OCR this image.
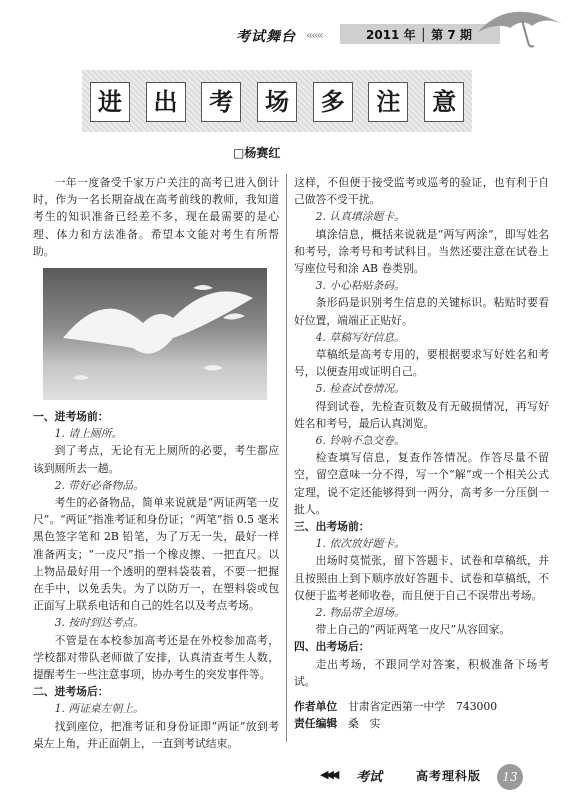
考试舞台 «««	2011 年 │ 第 7 期
进	出	考	场	多	注	意
□杨赛红

一年一度备受千家万户关注的高考已进入倒计时，作为一名长期奋战在高考前线的教师，我知道考生的知识准备已经差不多，现在最需要的是心理、体力和方法准备。希望本文能对考生有所帮助。

一、进考场前：

1. 请上厕所。

到了考点，无论有无上厕所的必要，考生都应该到厕所去一趟。

2. 带好必备物品。

考生的必备物品，简单来说就是“两证两笔一皮尺”。“两证”指准考证和身份证；“两笔”指 0.5 毫米黑色签字笔和 2B 铅笔，为了万无一失，最好一样准备两支；“一皮尺”指一个橡皮擦、一把直尺。以上物品最好用一个透明的塑料袋装着，不要一把握在手中，以免丢失。为了以防万一，在塑料袋或包正面写上联系电话和自己的姓名以及考点考场。

3. 按时到达考点。

不管是在本校参加高考还是在外校参加高考，学校都对带队老师做了安排，认真清查考生人数，提醒考生一些注意事项，协办考生的突发事件等。

二、进考场后：

1. 两证桌左朝上。

找到座位，把准考证和身份证即“两证”放到考桌左上角，并正面朝上，一直到考试结束。

这样，不但便于接受监考或巡考的验证，也有利于自己做答不受干扰。

2. 认真填涂题卡。

填涂信息，概括来说就是“两写两涂”，即写姓名和考号，涂考号和考试科目。当然还要注意在试卷上写座位号和涂 AB 卷类别。

3. 小心粘贴条码。

条形码是识别考生信息的关键标识。粘贴时要看好位置，端端正正贴好。

4. 草稿写好信息。

草稿纸是高考专用的，要根据要求写好姓名和考号，以便查用或证明自己。

5. 检查试卷情况。

得到试卷，先检查页数及有无破损情况，再写好姓名和考号，最后认真浏览。

6. 铃响不急交卷。

检查填写信息，复查作答情况。作答尽量不留空，留空意味一分不得，写一个“解”或一个相关公式定理，说不定还能够得到一两分，高考多一分压倒一批人。

三、出考场前：

1. 依次放好题卡。

出场时莫慌张，留下答题卡、试卷和草稿纸，并且按照由上到下顺序放好答题卡、试卷和草稿纸，不仅便于监考老师收卷，而且便于自己不误带出考场。

2. 物品带全退场。

带上自己的“两证两笔一皮尺”从容回家。

四、出考场后：

走出考场，不跟同学对答案，积极准备下场考试。

作者单位　 甘肃省定西第一中学　743000
责任编辑　 桑　实
◀◀◀ 考试	高考理科版	13
